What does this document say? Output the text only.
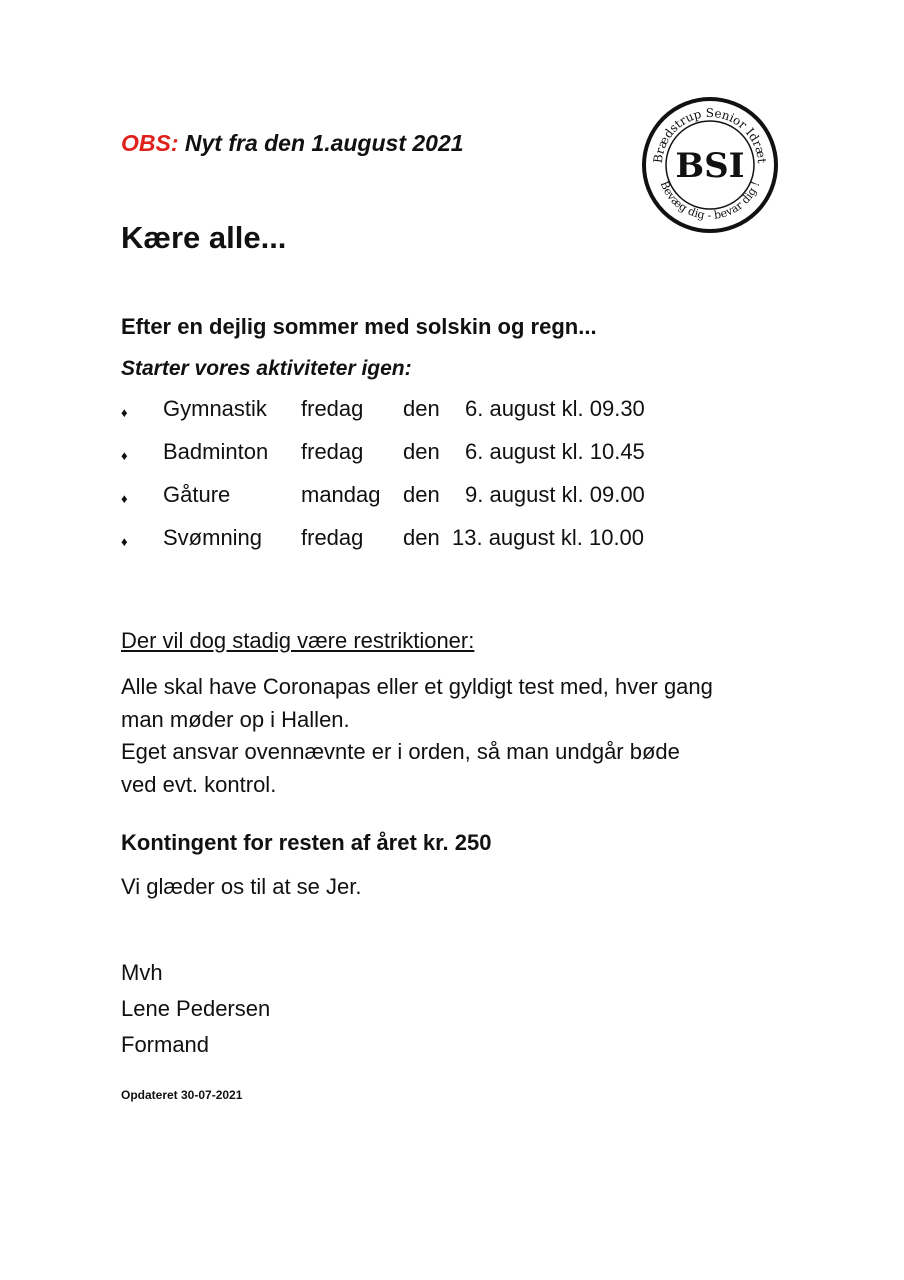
OBS: Nyt fra den 1.august 2021
Brædstrup Senior Idræt
Bevæg dig - bevar dig !
BSI
Kære alle...
Efter en dejlig sommer med solskin og regn...
Starter vores aktiviteter igen:
♦ Gymnastik fredag den 6. august kl. 09.30
♦ Badminton fredag den 6. august kl. 10.45
♦ Gåture	mandag den 9. august kl. 09.00
♦ Svømning fredag den 13. august kl. 10.00
Der vil dog stadig være restriktioner:
Alle skal have Coronapas eller et gyldigt test med, hver gang
man møder op i Hallen.
Eget ansvar ovennævnte er i orden, så man undgår bøde
ved evt. kontrol.
Kontingent for resten af året kr. 250
Vi glæder os til at se Jer.
Mvh
Lene Pedersen
Formand
Opdateret 30-07-2021
